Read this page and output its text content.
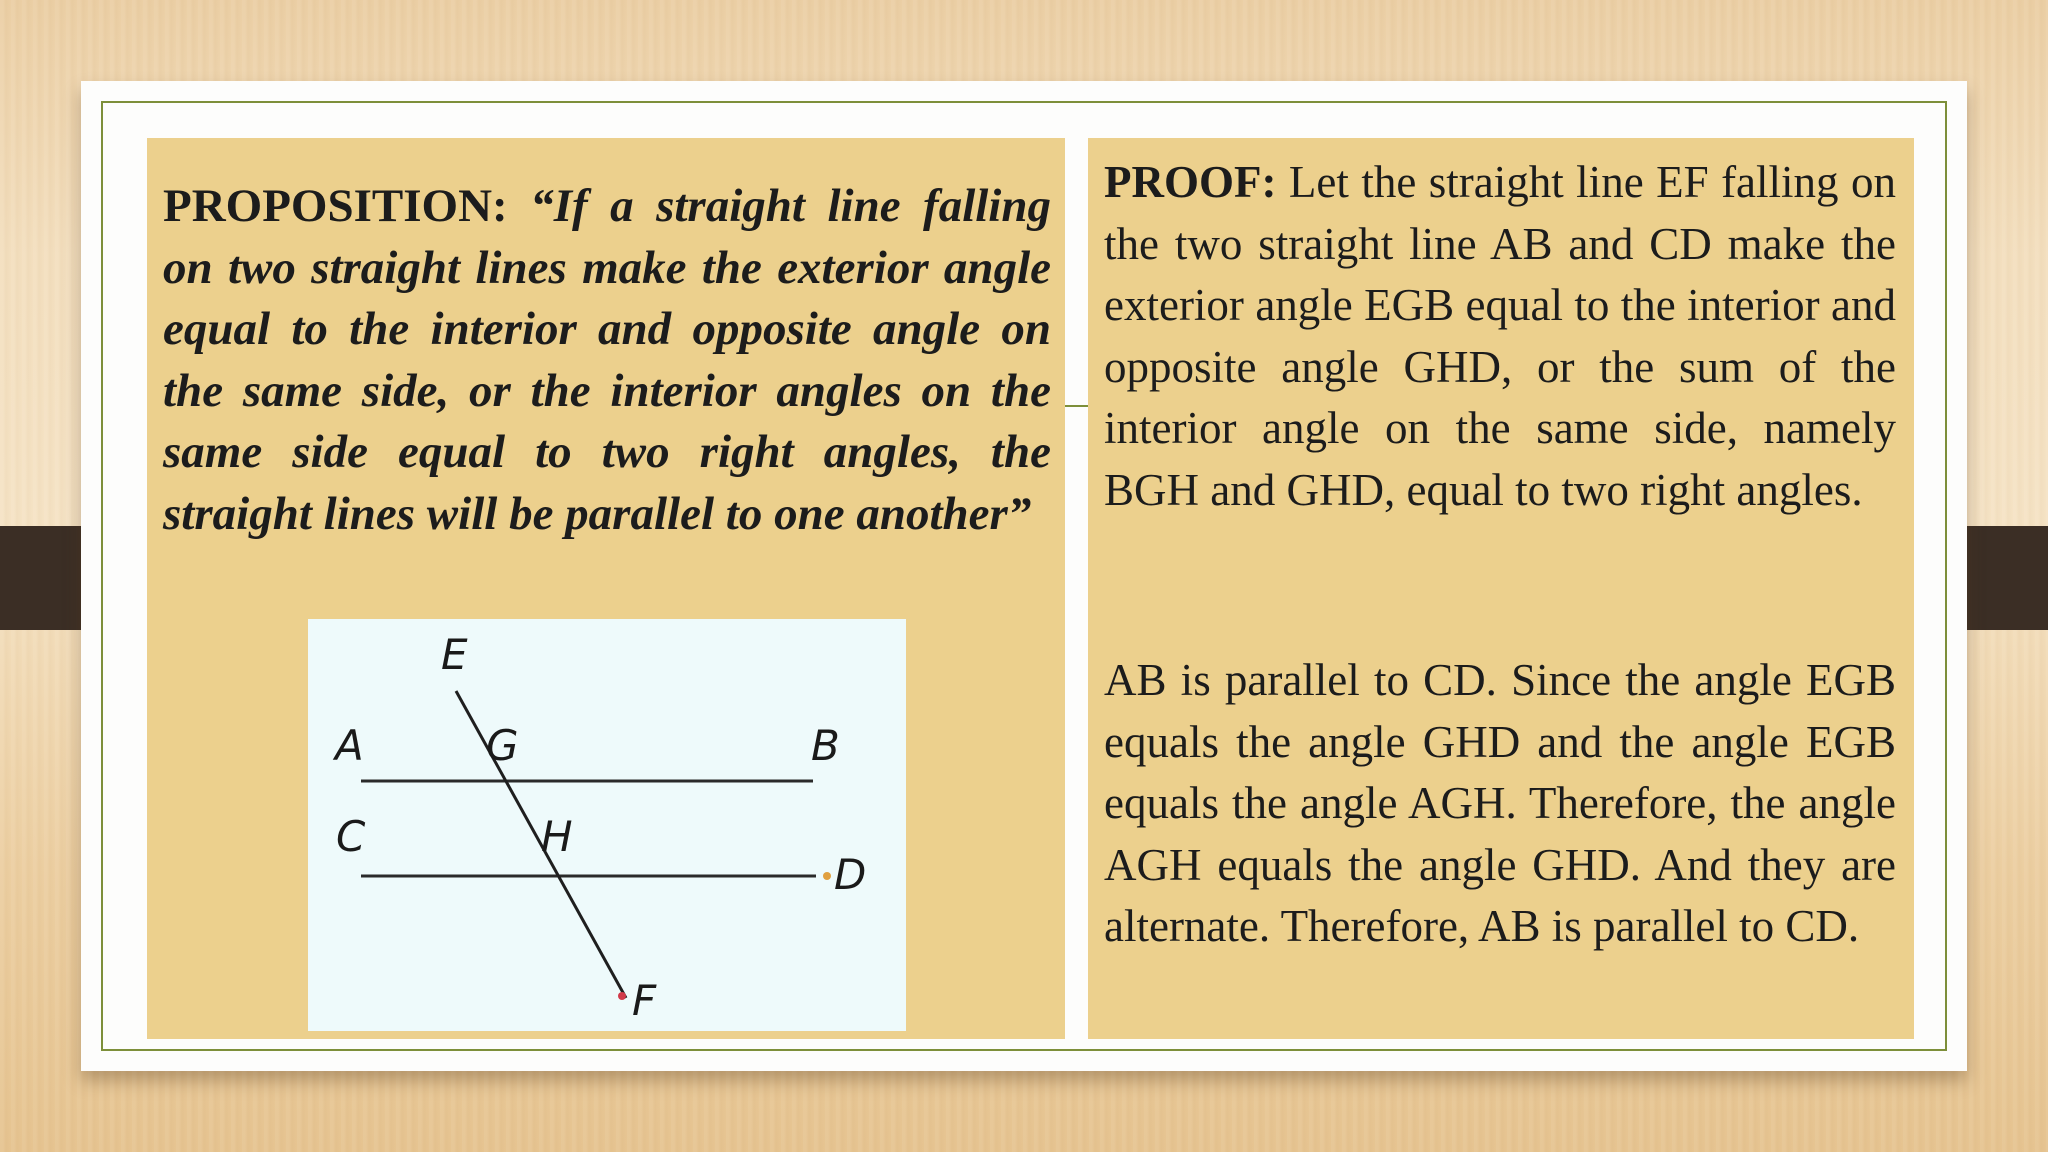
PROPOSITION: “If a straight line falling on two straight lines make the exterior angle equal to the interior and opposite angle on the same side, or the interior angles on the same side equal to two right angles, the straight lines will be parallel to one another”

E
A	G	B
C	H
D
F

PROOF: Let the straight line EF falling on the two straight line AB and CD make the exterior angle EGB equal to the interior and opposite angle GHD, or the sum of the interior angle on the same side, namely BGH and GHD, equal to two right angles.

AB is parallel to CD. Since the angle EGB equals the angle GHD and the angle EGB equals the angle AGH. Therefore, the angle AGH equals the angle GHD. And they are alternate. Therefore, AB is parallel to CD.
